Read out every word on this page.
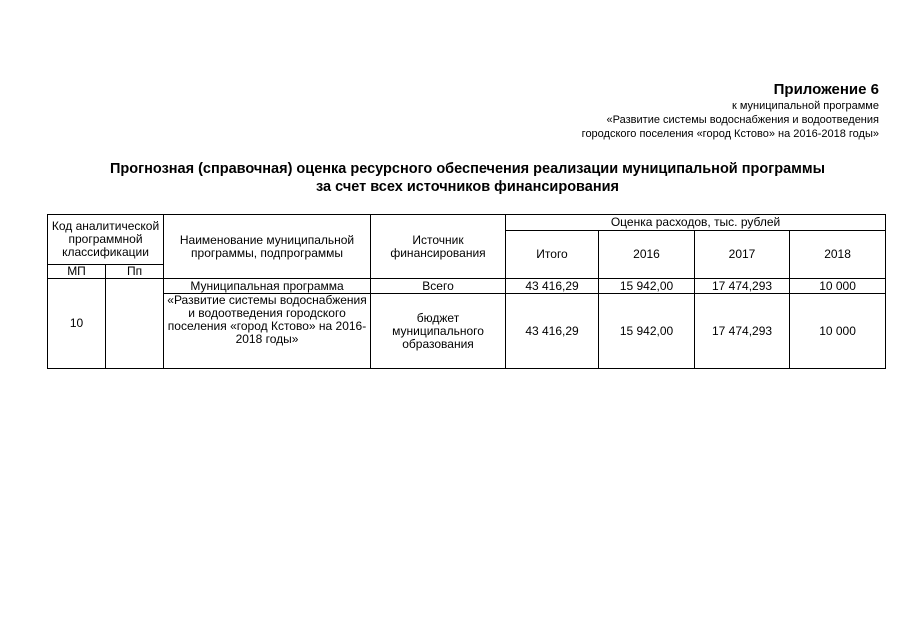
Приложение 6
к муниципальной программе
«Развитие системы водоснабжения и водоотведения
городского поселения «город Кстово» на 2016-2018 годы»
Прогнозная (справочная) оценка ресурсного обеспечения реализации муниципальной программы
за счет всех источников финансирования
Код аналитической программной классификации		Наименование муниципальной программы, подпрограммы	Источник финансирования	Оценка расходов, тыс. рублей			
				Итого	2016	2017	2018
МП	Пп						
10		Муниципальная программа	Всего	43 416,29	15 942,00	17 474,293	10 000
		«Развитие системы водоснабжения и водоотведения городского поселения «город Кстово» на 2016-2018 годы»	бюджет муниципального образования	43 416,29	15 942,00	17 474,293	10 000
